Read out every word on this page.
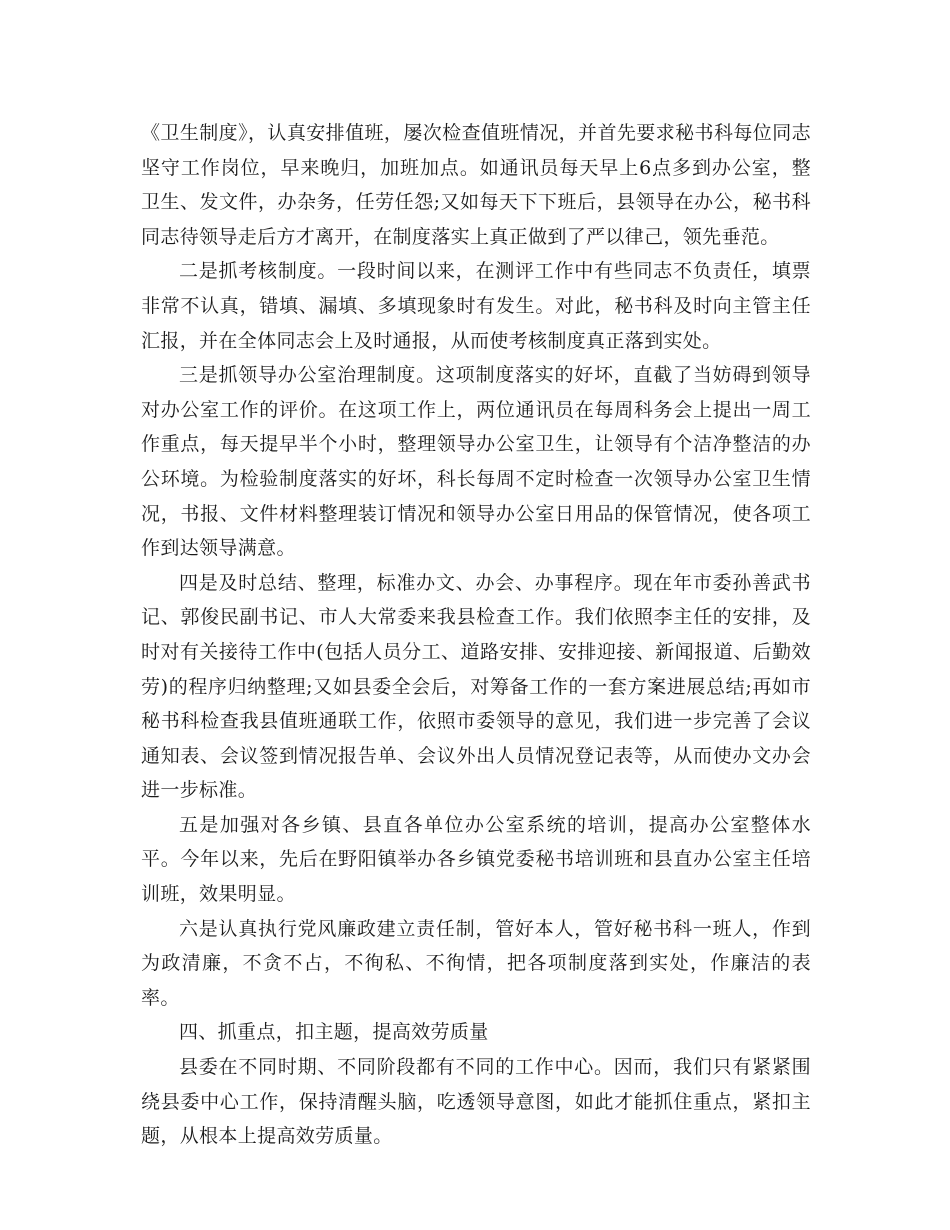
《卫生制度》，认真安排值班，屡次检查值班情况，并首先要求秘书科每位同志坚守工作岗位，早来晚归，加班加点。如通讯员每天早上6点多到办公室，整卫生、发文件，办杂务，任劳任怨;又如每天下下班后，县领导在办公，秘书科同志待领导走后方才离开，在制度落实上真正做到了严以律己，领先垂范。

二是抓考核制度。一段时间以来，在测评工作中有些同志不负责任，填票非常不认真，错填、漏填、多填现象时有发生。对此，秘书科及时向主管主任汇报，并在全体同志会上及时通报，从而使考核制度真正落到实处。

三是抓领导办公室治理制度。这项制度落实的好坏，直截了当妨碍到领导对办公室工作的评价。在这项工作上，两位通讯员在每周科务会上提出一周工作重点，每天提早半个小时，整理领导办公室卫生，让领导有个洁净整洁的办公环境。为检验制度落实的好坏，科长每周不定时检查一次领导办公室卫生情况，书报、文件材料整理装订情况和领导办公室日用品的保管情况，使各项工作到达领导满意。

四是及时总结、整理，标准办文、办会、办事程序。现在年市委孙善武书记、郭俊民副书记、市人大常委来我县检查工作。我们依照李主任的安排，及时对有关接待工作中(包括人员分工、道路安排、安排迎接、新闻报道、后勤效劳)的程序归纳整理;又如县委全会后，对筹备工作的一套方案进展总结;再如市秘书科检查我县值班通联工作，依照市委领导的意见，我们进一步完善了会议通知表、会议签到情况报告单、会议外出人员情况登记表等，从而使办文办会进一步标准。

五是加强对各乡镇、县直各单位办公室系统的培训，提高办公室整体水平。今年以来，先后在野阳镇举办各乡镇党委秘书培训班和县直办公室主任培训班，效果明显。

六是认真执行党风廉政建立责任制，管好本人，管好秘书科一班人，作到为政清廉，不贪不占，不徇私、不徇情，把各项制度落到实处，作廉洁的表率。

四、抓重点，扣主题，提高效劳质量

县委在不同时期、不同阶段都有不同的工作中心。因而，我们只有紧紧围绕县委中心工作，保持清醒头脑，吃透领导意图，如此才能抓住重点，紧扣主题，从根本上提高效劳质量。
